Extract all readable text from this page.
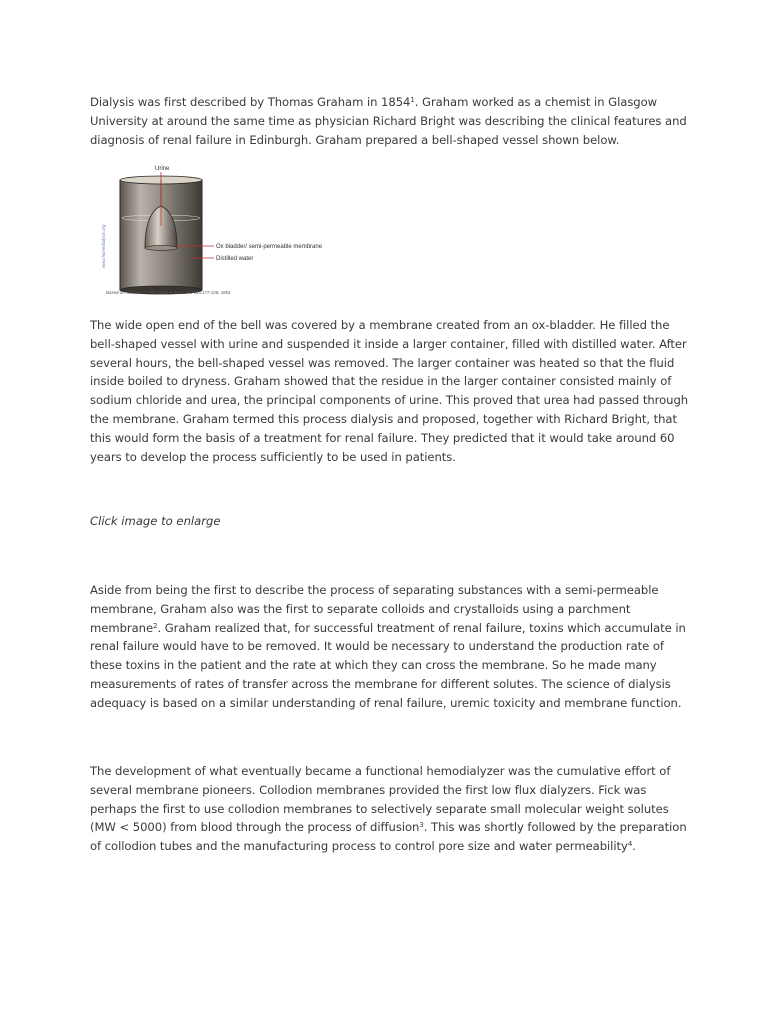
Dialysis was first described by Thomas Graham in 1854$^1$. Graham worked as a chemist in Glasgow University at around the same time as physician Richard Bright was describing the clinical features and diagnosis of renal failure in Edinburgh. Graham prepared a bell-shaped vessel shown below.

www.homedialysis.org
Urine
Ox bladder/ semi-permeable membrane
Distilled water
Based on: Graham T. Phil Trans R Soc Lond 144:177-228, 1854

The wide open end of the bell was covered by a membrane created from an ox-bladder. He filled the bell-shaped vessel with urine and suspended it inside a larger container, filled with distilled water. After several hours, the bell-shaped vessel was removed. The larger container was heated so that the fluid inside boiled to dryness. Graham showed that the residue in the larger container consisted mainly of sodium chloride and urea, the principal components of urine. This proved that urea had passed through the membrane. Graham termed this process dialysis and proposed, together with Richard Bright, that this would form the basis of a treatment for renal failure. They predicted that it would take around 60 years to develop the process sufficiently to be used in patients.

Click image to enlarge

Aside from being the first to describe the process of separating substances with a semi-permeable membrane, Graham also was the first to separate colloids and crystalloids using a parchment membrane$^2$. Graham realized that, for successful treatment of renal failure, toxins which accumulate in renal failure would have to be removed. It would be necessary to understand the production rate of these toxins in the patient and the rate at which they can cross the membrane. So he made many measurements of rates of transfer across the membrane for different solutes. The science of dialysis adequacy is based on a similar understanding of renal failure, uremic toxicity and membrane function.

The development of what eventually became a functional hemodialyzer was the cumulative effort of several membrane pioneers. Collodion membranes provided the first low flux dialyzers. Fick was perhaps the first to use collodion membranes to selectively separate small molecular weight solutes (MW < 5000) from blood through the process of diffusion$^3$. This was shortly followed by the preparation of collodion tubes and the manufacturing process to control pore size and water permeability$^4$.
